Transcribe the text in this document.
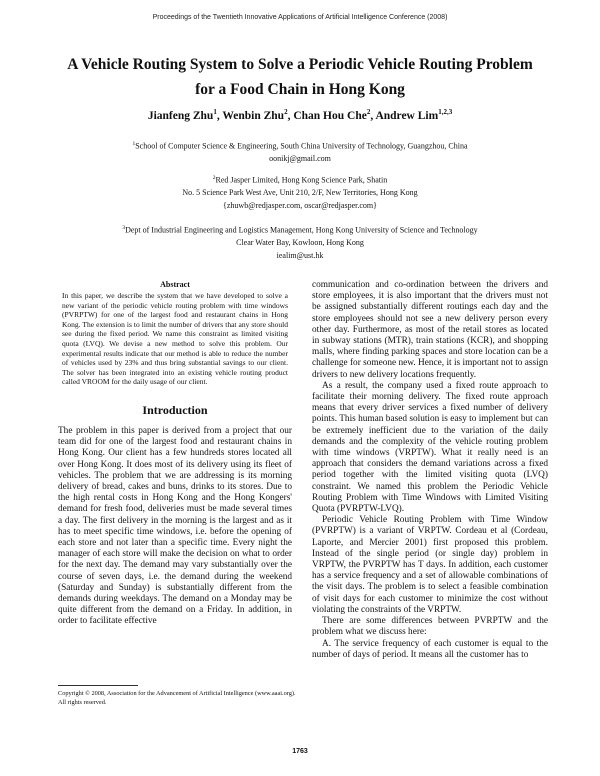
Proceedings of the Twentieth Innovative Applications of Artificial Intelligence Conference (2008)
A Vehicle Routing System to Solve a Periodic Vehicle Routing Problem
for a Food Chain in Hong Kong
Jianfeng Zhu$^1$, Wenbin Zhu$^2$, Chan Hou Che$^2$, Andrew Lim$^{1,2,3}$

$^1$School of Computer Science & Engineering, South China University of Technology, Guangzhou, China

oonikj@gmail.com

$^2$Red Jasper Limited, Hong Kong Science Park, Shatin

No. 5 Science Park West Ave, Unit 210, 2/F, New Territories, Hong Kong

{zhuwb@redjasper.com, oscar@redjasper.com}

$^3$Dept of Industrial Engineering and Logistics Management, Hong Kong University of Science and Technology

Clear Water Bay, Kowloon, Hong Kong

iealim@ust.hk

Abstract

In this paper, we describe the system that we have developed to solve a new variant of the periodic vehicle routing problem with time windows (PVRPTW) for one of the largest food and restaurant chains in Hong Kong. The extension is to limit the number of drivers that any store should see during the fixed period. We name this constraint as limited visiting quota (LVQ). We devise a new method to solve this problem. Our experimental results indicate that our method is able to reduce the number of vehicles used by 23% and thus bring substantial savings to our client. The solver has been integrated into an existing vehicle routing product called VROOM for the daily usage of our client.

Introduction

The problem in this paper is derived from a project that our team did for one of the largest food and restaurant chains in Hong Kong. Our client has a few hundreds stores located all over Hong Kong. It does most of its delivery using its fleet of vehicles. The problem that we are addressing is its morning delivery of bread, cakes and buns, drinks to its stores. Due to the high rental costs in Hong Kong and the Hong Kongers' demand for fresh food, deliveries must be made several times a day. The first delivery in the morning is the largest and as it has to meet specific time windows, i.e. before the opening of each store and not later than a specific time. Every night the manager of each store will make the decision on what to order for the next day. The demand may vary substantially over the course of seven days, i.e. the demand during the weekend (Saturday and Sunday) is substantially different from the demands during weekdays. The demand on a Monday may be quite different from the demand on a Friday. In addition, in order to facilitate effective

Copyright © 2008, Association for the Advancement of Artificial Intelligence (www.aaai.org). All rights reserved.

communication and co-ordination between the drivers and store employees, it is also important that the drivers must not be assigned substantially different routings each day and the store employees should not see a new delivery person every other day. Furthermore, as most of the retail stores as located in subway stations (MTR), train stations (KCR), and shopping malls, where finding parking spaces and store location can be a challenge for someone new. Hence, it is important not to assign drivers to new delivery locations frequently.

As a result, the company used a fixed route approach to facilitate their morning delivery. The fixed route approach means that every driver services a fixed number of delivery points. This human based solution is easy to implement but can be extremely inefficient due to the variation of the daily demands and the complexity of the vehicle routing problem with time windows (VRPTW). What it really need is an approach that considers the demand variations across a fixed period together with the limited visiting quota (LVQ) constraint. We named this problem the Periodic Vehicle Routing Problem with Time Windows with Limited Visiting Quota (PVRPTW-LVQ).

Periodic Vehicle Routing Problem with Time Window (PVRPTW) is a variant of VRPTW. Cordeau et al (Cordeau, Laporte, and Mercier 2001) first proposed this problem. Instead of the single period (or single day) problem in VRPTW, the PVRPTW has T days. In addition, each customer has a service frequency and a set of allowable combinations of the visit days. The problem is to select a feasible combination of visit days for each customer to minimize the cost without violating the constraints of the VRPTW.

There are some differences between PVRPTW and the problem what we discuss here:

A. The service frequency of each customer is equal to the number of days of period. It means all the customer has to

1763
